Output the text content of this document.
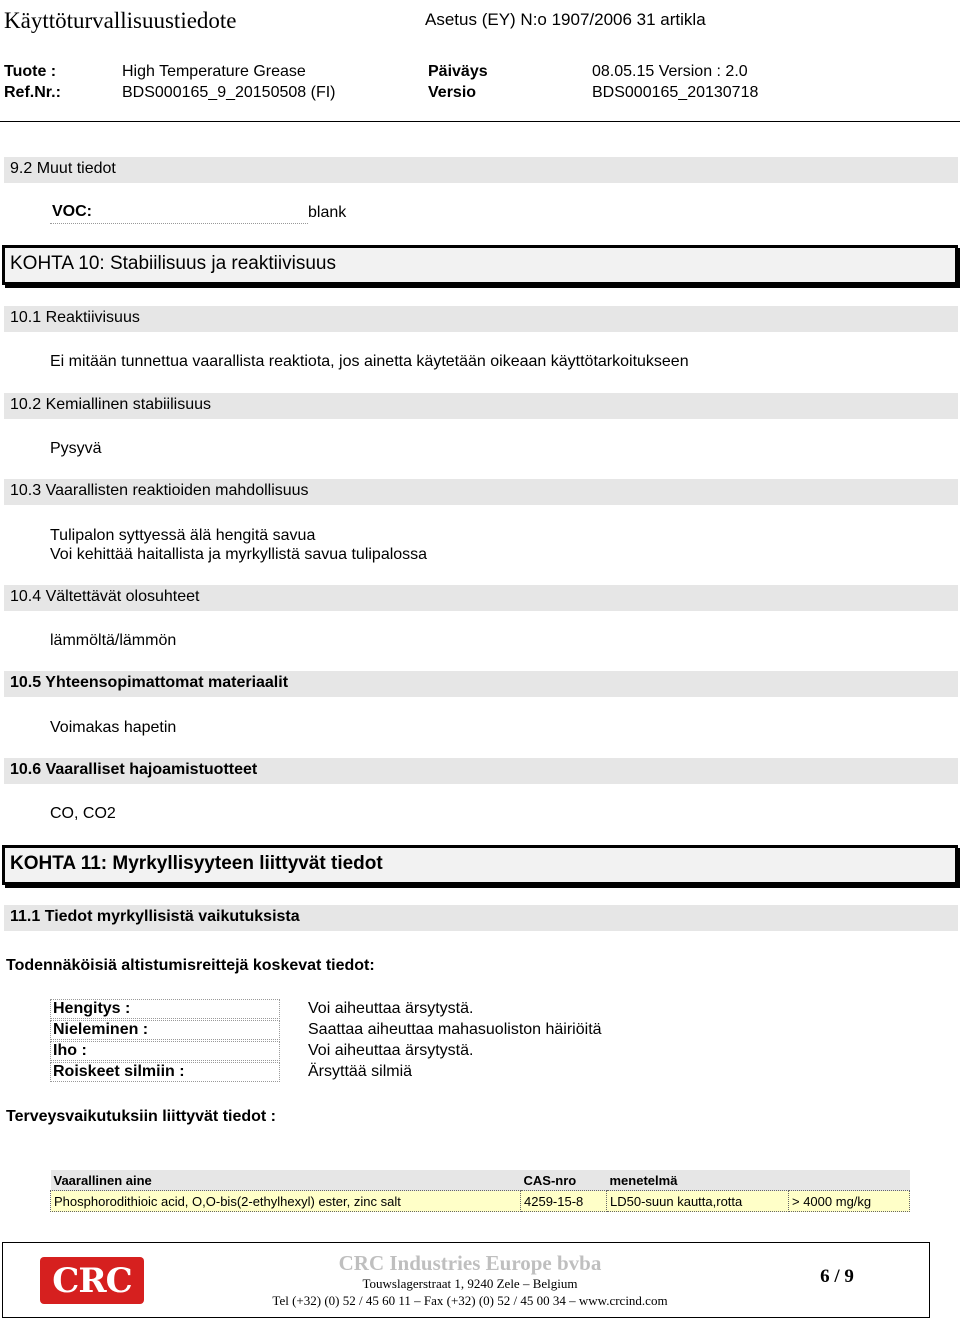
Käyttöturvallisuustiedote	Asetus (EY) N:o 1907/2006 31 artikla
Tuote :	High Temperature Grease	Päiväys	08.05.15 Version : 2.0
Ref.Nr.:	BDS000165_9_20150508 (FI)	Versio	BDS000165_20130718
9.2 Muut tiedot
VOC:	blank
KOHTA 10: Stabiilisuus ja reaktiivisuus
10.1 Reaktiivisuus
Ei mitään tunnettua vaarallista reaktiota, jos ainetta käytetään oikeaan käyttötarkoitukseen
10.2 Kemiallinen stabiilisuus
Pysyvä
10.3 Vaarallisten reaktioiden mahdollisuus
Tulipalon syttyessä älä hengitä savua
Voi kehittää haitallista ja myrkyllistä savua tulipalossa
10.4 Vältettävät olosuhteet
lämmöltä/lämmön
10.5 Yhteensopimattomat materiaalit
Voimakas hapetin
10.6 Vaaralliset hajoamistuotteet
CO, CO2
KOHTA 11: Myrkyllisyyteen liittyvät tiedot
11.1 Tiedot myrkyllisistä vaikutuksista
Todennäköisiä altistumisreittejä koskevat tiedot:
Hengitys :	Voi aiheuttaa ärsytystä.
Nieleminen :	Saattaa aiheuttaa mahasuoliston häiriöitä
Iho :	Voi aiheuttaa ärsytystä.
Roiskeet silmiin :	Ärsyttää silmiä
Terveysvaikutuksiin liittyvät tiedot :
Vaarallinen aine	CAS-nro	menetelmä	
Phosphorodithioic acid, O,O-bis(2-ethylhexyl) ester, zinc salt	4259-15-8	LD50-suun kautta,rotta	> 4000 mg/kg
CRC	CRC Industries Europe bvba
Touwslagerstraat 1, 9240 Zele – Belgium
Tel (+32) (0) 52 / 45 60 11 – Fax (+32) (0) 52 / 45 00 34 – www.crcind.com
6 / 9
